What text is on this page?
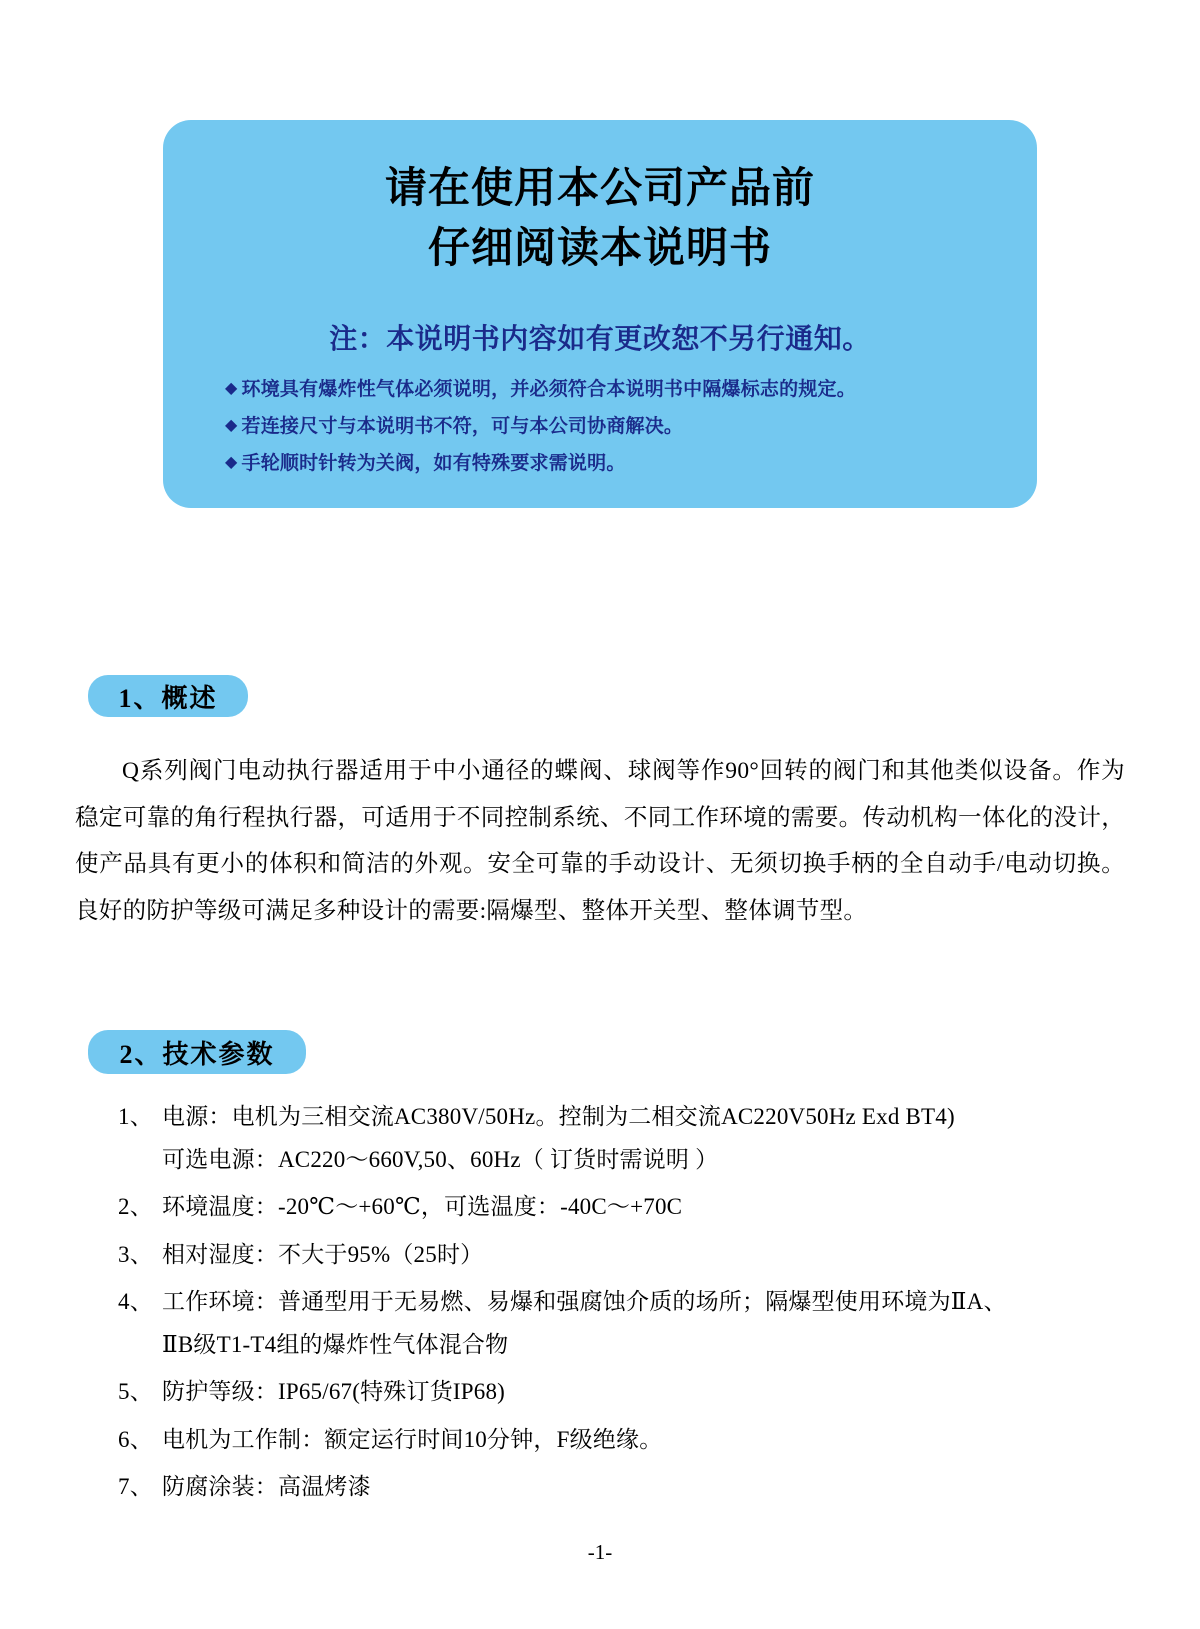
请在使用本公司产品前
仔细阅读本说明书
注：本说明书内容如有更改恕不另行通知。
◆ 环境具有爆炸性气体必须说明，并必须符合本说明书中隔爆标志的规定。
◆ 若连接尺寸与本说明书不符，可与本公司协商解决。
◆ 手轮顺时针转为关阀，如有特殊要求需说明。
1、概述
Q系列阀门电动执行器适用于中小通径的蝶阀、球阀等作90°回转的阀门和其他类似设备。作为稳定可靠的角行程执行器，可适用于不同控制系统、不同工作环境的需要。传动机构一体化的没计，使产品具有更小的体积和简洁的外观。安全可靠的手动设计、无须切换手柄的全自动手/电动切换。良好的防护等级可满足多种设计的需要:隔爆型、整体开关型、整体调节型。
2、技术参数
1、 电源：电机为三相交流AC380V/50Hz。控制为二相交流AC220V50Hz Exd BT4)
可选电源：AC220～660V,50、60Hz（ 订货时需说明 ）
2、 环境温度：-20℃～+60℃，可选温度：-40C～+70C
3、 相对湿度：不大于95%（25时）
4、 工作环境：普通型用于无易燃、易爆和强腐蚀介质的场所；隔爆型使用环境为ⅡA、
ⅡB级T1-T4组的爆炸性气体混合物
5、 防护等级：IP65/67(特殊订货IP68)
6、 电机为工作制：额定运行时间10分钟，F级绝缘。
7、 防腐涂装：高温烤漆
-1-
